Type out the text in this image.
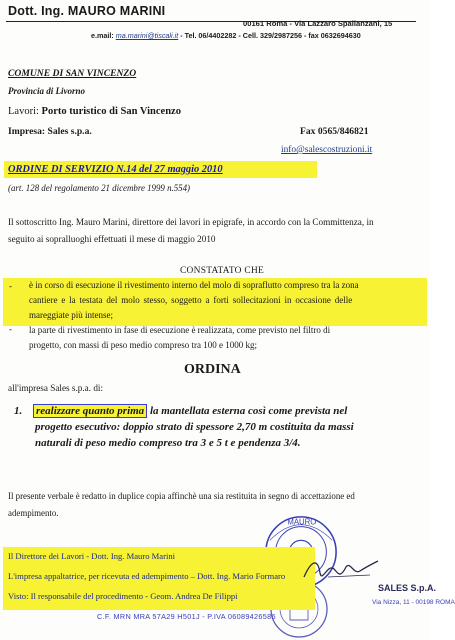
Dott. Ing. MAURO MARINI
00161 Roma - Via Lazzaro Spallanzani, 15
e.mail: ma.marini@tiscali.it - Tel. 06/4402282 - Cell. 329/2987256 - fax 0632694630
COMUNE DI SAN VINCENZO
Provincia di Livorno
Lavori: Porto turistico di San Vincenzo
Impresa: Sales s.p.a.	Fax 0565/846821
info@salescostruzioni.it
ORDINE DI SERVIZIO N.14 del 27 maggio 2010
(art. 128 del regolamento 21 dicembre 1999 n.554)
Il sottoscritto Ing. Mauro Marini, direttore dei lavori in epigrafe, in accordo con la Committenza, in
seguito ai sopralluoghi effettuati il mese di maggio 2010
CONSTATATO CHE
- è in corso di esecuzione il rivestimento interno del molo di sopraflutto compreso tra la zona
cantiere e la testata del molo stesso, soggetto a forti sollecitazioni in occasione delle
mareggiate più intense;
- la parte di rivestimento in fase di esecuzione è realizzata, come previsto nel filtro di
progetto, con massi di peso medio compreso tra 100 e 1000 kg;
ORDINA
all'impresa Sales s.p.a. di:
1. realizzare quanto prima la mantellata esterna così come prevista nel
progetto esecutivo: doppio strato di spessore 2,70 m costituita da massi
naturali di peso medio compreso tra 3 e 5 t e pendenza 3/4.
Il presente verbale è redatto in duplice copia affinchè una sia restituita in segno di accettazione ed
adempimento.
MAURO
Il Direttore dei Lavori - Dott. Ing. Mauro Marini
L'impresa appaltatrice, per ricevuta ed adempimento – Dott. Ing. Mario Formaro
Visto: Il responsabile del procedimento - Geom. Andrea De Filippi
SALES S.p.A.
Via Nizza, 11 - 00198 ROMA
C.F. MRN MRA 57A29 H501J - P.IVA 06089426586
